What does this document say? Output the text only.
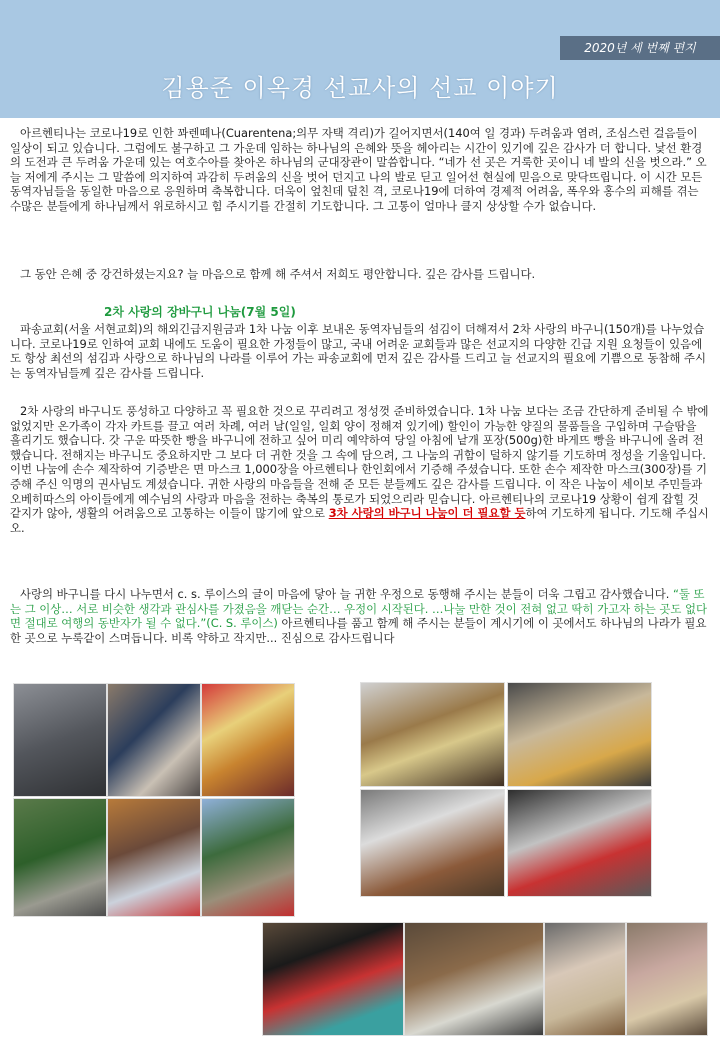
2020년 세 번째 편지
김용준 이옥경 선교사의 선교 이야기

아르헨티나는 코로나19로 인한 꽈렌떼나(Cuarentena;의무 자택 격리)가 길어지면서(140여 일 경과) 두려움과 염려, 조심스런 걸음들이 일상이 되고 있습니다. 그럼에도 불구하고 그 가운데 임하는 하나님의 은혜와 뜻을 헤아리는 시간이 있기에 깊은 감사가 더 합니다. 낯선 환경의 도전과 큰 두려움 가운데 있는 여호수아를 찾아온 하나님의 군대장관이 말씀합니다. “네가 선 곳은 거룩한 곳이니 네 발의 신을 벗으라.” 오늘 저에게 주시는 그 말씀에 의지하여 과감히 두려움의 신을 벗어 던지고 나의 발로 딛고 일어선 현실에 믿음으로 맞닥뜨립니다. 이 시간 모든 동역자님들을 동일한 마음으로 응원하며 축복합니다. 더욱이 엎친데 덮친 격, 코로나19에 더하여 경제적 어려움, 폭우와 홍수의 피해를 겪는 수많은 분들에게 하나님께서 위로하시고 힘 주시기를 간절히 기도합니다. 그 고통이 얼마나 클지 상상할 수가 없습니다.

그 동안 은혜 중 강건하셨는지요? 늘 마음으로 함께 해 주셔서 저희도 평안합니다. 깊은 감사를 드립니다.

2차 사랑의 장바구니 나눔(7월 5일)

파송교회(서울 서현교회)의 해외긴급지원금과 1차 나눔 이후 보내온 동역자님들의 섬김이 더해져서 2차 사랑의 바구니(150개)를 나누었습니다. 코로나19로 인하여 교회 내에도 도움이 필요한 가정들이 많고, 국내 어려운 교회들과 많은 선교지의 다양한 긴급 지원 요청들이 있음에도 항상 최선의 섬김과 사랑으로 하나님의 나라를 이루어 가는 파송교회에 먼저 깊은 감사를 드리고 늘 선교지의 필요에 기쁨으로 동참해 주시는 동역자님들께 깊은 감사를 드립니다.

2차 사랑의 바구니도 풍성하고 다양하고 꼭 필요한 것으로 꾸리려고 정성껏 준비하였습니다. 1차 나눔 보다는 조금 간단하게 준비될 수 밖에 없었지만 온가족이 각자 카트를 끌고 여러 차례, 여러 날(일일, 일회 양이 정해져 있기에) 할인이 가능한 양질의 물품들을 구입하며 구슬땀을 흘리기도 했습니다. 갓 구운 따뜻한 빵을 바구니에 전하고 싶어 미리 예약하여 당일 아침에 낱개 포장(500g)한 바게뜨 빵을 바구니에 올려 전했습니다. 전해지는 바구니도 중요하지만 그 보다 더 귀한 것을 그 속에 담으려, 그 나눔의 귀함이 덜하지 않기를 기도하며 정성을 기울입니다. 이번 나눔에 손수 제작하여 기증받은 면 마스크 1,000장을 아르헨티나 한인회에서 기증해 주셨습니다. 또한 손수 제작한 마스크(300장)를 기증해 주신 익명의 권사님도 계셨습니다. 귀한 사랑의 마음들을 전해 준 모든 분들께도 깊은 감사를 드립니다. 이 작은 나눔이 세이보 주민들과 오베히따스의 아이들에게 예수님의 사랑과 마음을 전하는 축복의 통로가 되었으리라 믿습니다. 아르헨티나의 코로나19 상황이 쉽게 잡힐 것 같지가 않아, 생활의 어려움으로 고통하는 이들이 많기에 앞으로 3차 사랑의 바구니 나눔이 더 필요할 듯하여 기도하게 됩니다. 기도해 주십시오.

사랑의 바구니를 다시 나누면서 c. s. 루이스의 글이 마음에 닿아 늘 귀한 우정으로 동행해 주시는 분들이 더욱 그립고 감사했습니다. “둘 또는 그 이상… 서로 비슷한 생각과 관심사를 가졌음을 깨닫는 순간… 우정이 시작된다. …나눌 만한 것이 전혀 없고 딱히 가고자 하는 곳도 없다면 절대로 여행의 동반자가 될 수 없다.”(C. S. 루이스) 아르헨티나를 품고 함께 해 주시는 분들이 계시기에 이 곳에서도 하나님의 나라가 필요한 곳으로 누룩같이 스며듭니다. 비록 약하고 작지만... 진심으로 감사드립니다
